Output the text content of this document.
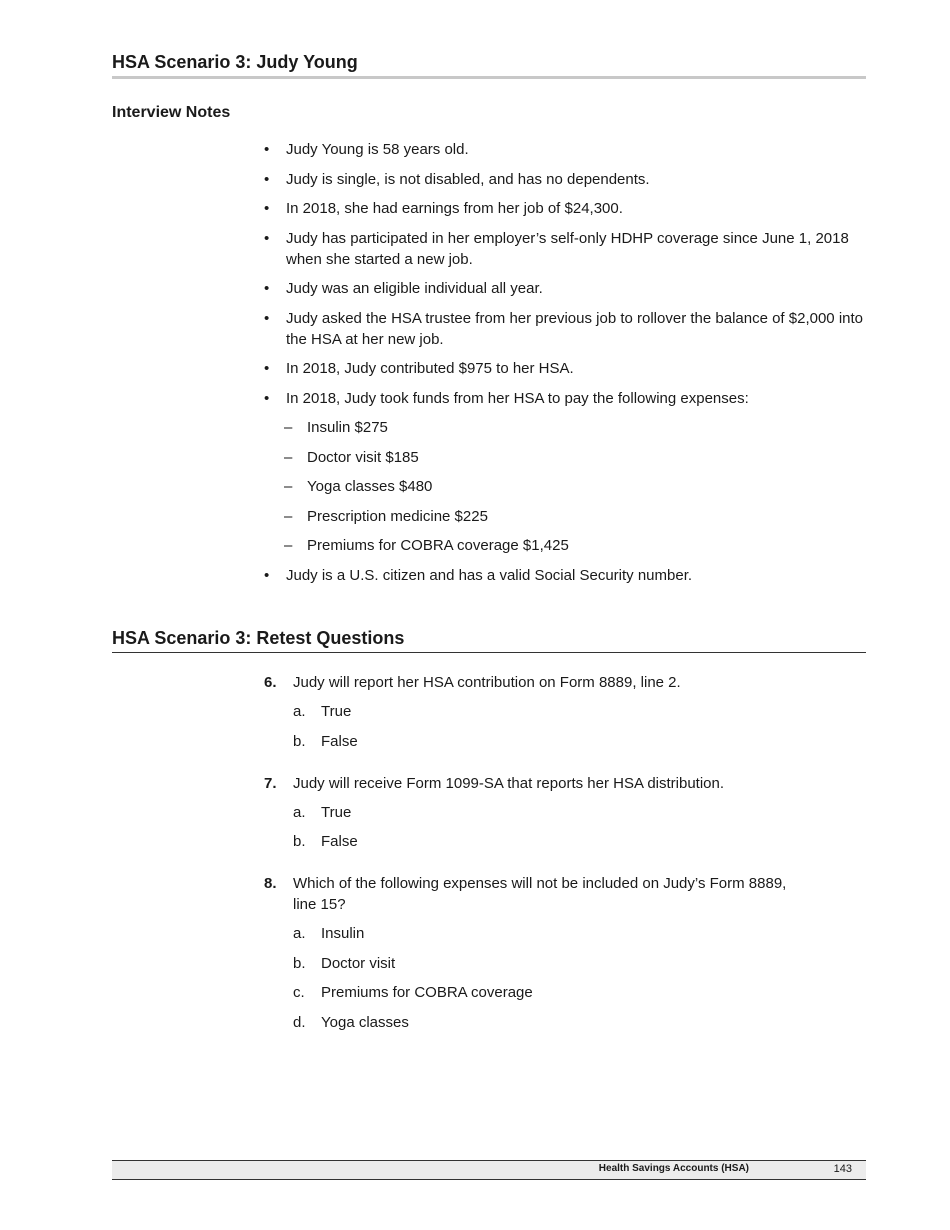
HSA Scenario 3: Judy Young
Interview Notes
• Judy Young is 58 years old.
• Judy is single, is not disabled, and has no dependents.
• In 2018, she had earnings from her job of $24,300.
• Judy has participated in her employer’s self-only HDHP coverage since June 1, 2018 when she started a new job.
• Judy was an eligible individual all year.
• Judy asked the HSA trustee from her previous job to rollover the balance of $2,000 into the HSA at her new job.
• In 2018, Judy contributed $975 to her HSA.
• In 2018, Judy took funds from her HSA to pay the following expenses:
– Insulin $275
– Doctor visit $185
– Yoga classes $480
– Prescription medicine $225
– Premiums for COBRA coverage $1,425
• Judy is a U.S. citizen and has a valid Social Security number.
HSA Scenario 3: Retest Questions
6. Judy will report her HSA contribution on Form 8889, line 2.
a. True
b. False
7. Judy will receive Form 1099-SA that reports her HSA distribution.
a. True
b. False
8. Which of the following expenses will not be included on Judy’s Form 8889, line 15?
a. Insulin
b. Doctor visit
c. Premiums for COBRA coverage
d. Yoga classes
Health Savings Accounts (HSA)	143
